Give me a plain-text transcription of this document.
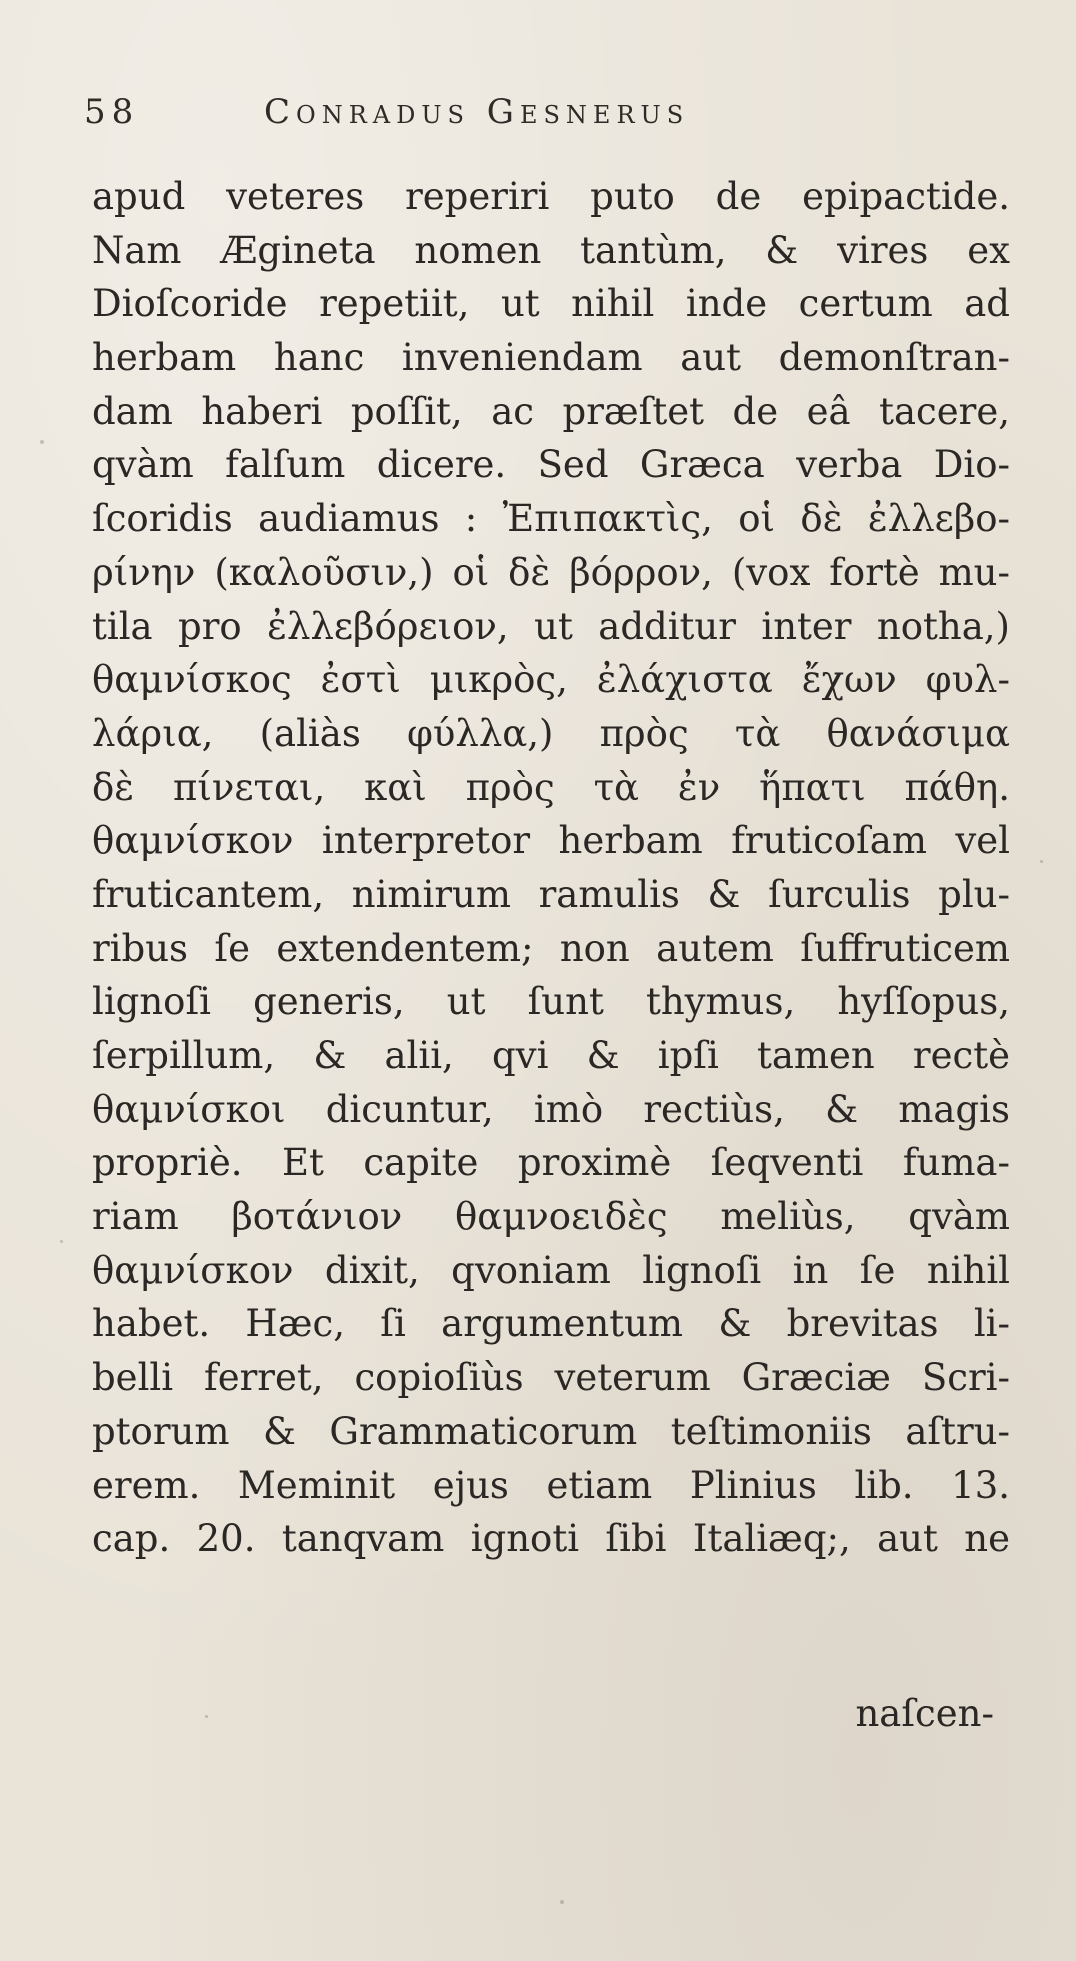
58	Conradus Gesnerus
apud veteres reperiri puto de epipactide.
Nam Ægineta nomen tantùm, & vires ex
Dioſcoride repetiit, ut nihil inde certum ad
herbam hanc inveniendam aut demonſtran-
dam haberi poſſit, ac præſtet de eâ tacere,
qvàm falſum dicere. Sed Græca verba Dio-
ſcoridis audiamus : Ἐπιπακτὶς, οἱ δὲ ἐλλεβο-
ρίνην (καλοῦσιν,) οἱ δὲ βόρρον, (vox fortè mu-
tila pro ἐλλεβόρειον, ut additur inter notha,)
θαμνίσκος ἐστὶ μικρὸς, ἐλάχιστα ἔχων φυλ-
λάρια, (aliàs φύλλα,) πρὸς τὰ θανάσιμα
δὲ πίνεται, καὶ πρὸς τὰ ἐν ἥπατι πάθη.
θαμνίσκον interpretor herbam fruticoſam vel
fruticantem, nimirum ramulis & ſurculis plu-
ribus ſe extendentem; non autem ſuffruticem
lignoſi generis, ut ſunt thymus, hyſſopus,
ſerpillum, & alii, qvi & ipſi tamen rectè
θαμνίσκοι dicuntur, imò rectiùs, & magis
propriè. Et capite proximè ſeqventi fuma-
riam βοτάνιον θαμνοειδὲς meliùs, qvàm
θαμνίσκον dixit, qvoniam lignoſi in ſe nihil
habet. Hæc, ſi argumentum & brevitas li-
belli ferret, copioſiùs veterum Græciæ Scri-
ptorum & Grammaticorum teſtimoniis aſtru-
erem. Meminit ejus etiam Plinius lib. 13.
cap. 20. tanqvam ignoti ſibi Italiæq;, aut ne
naſcen-
